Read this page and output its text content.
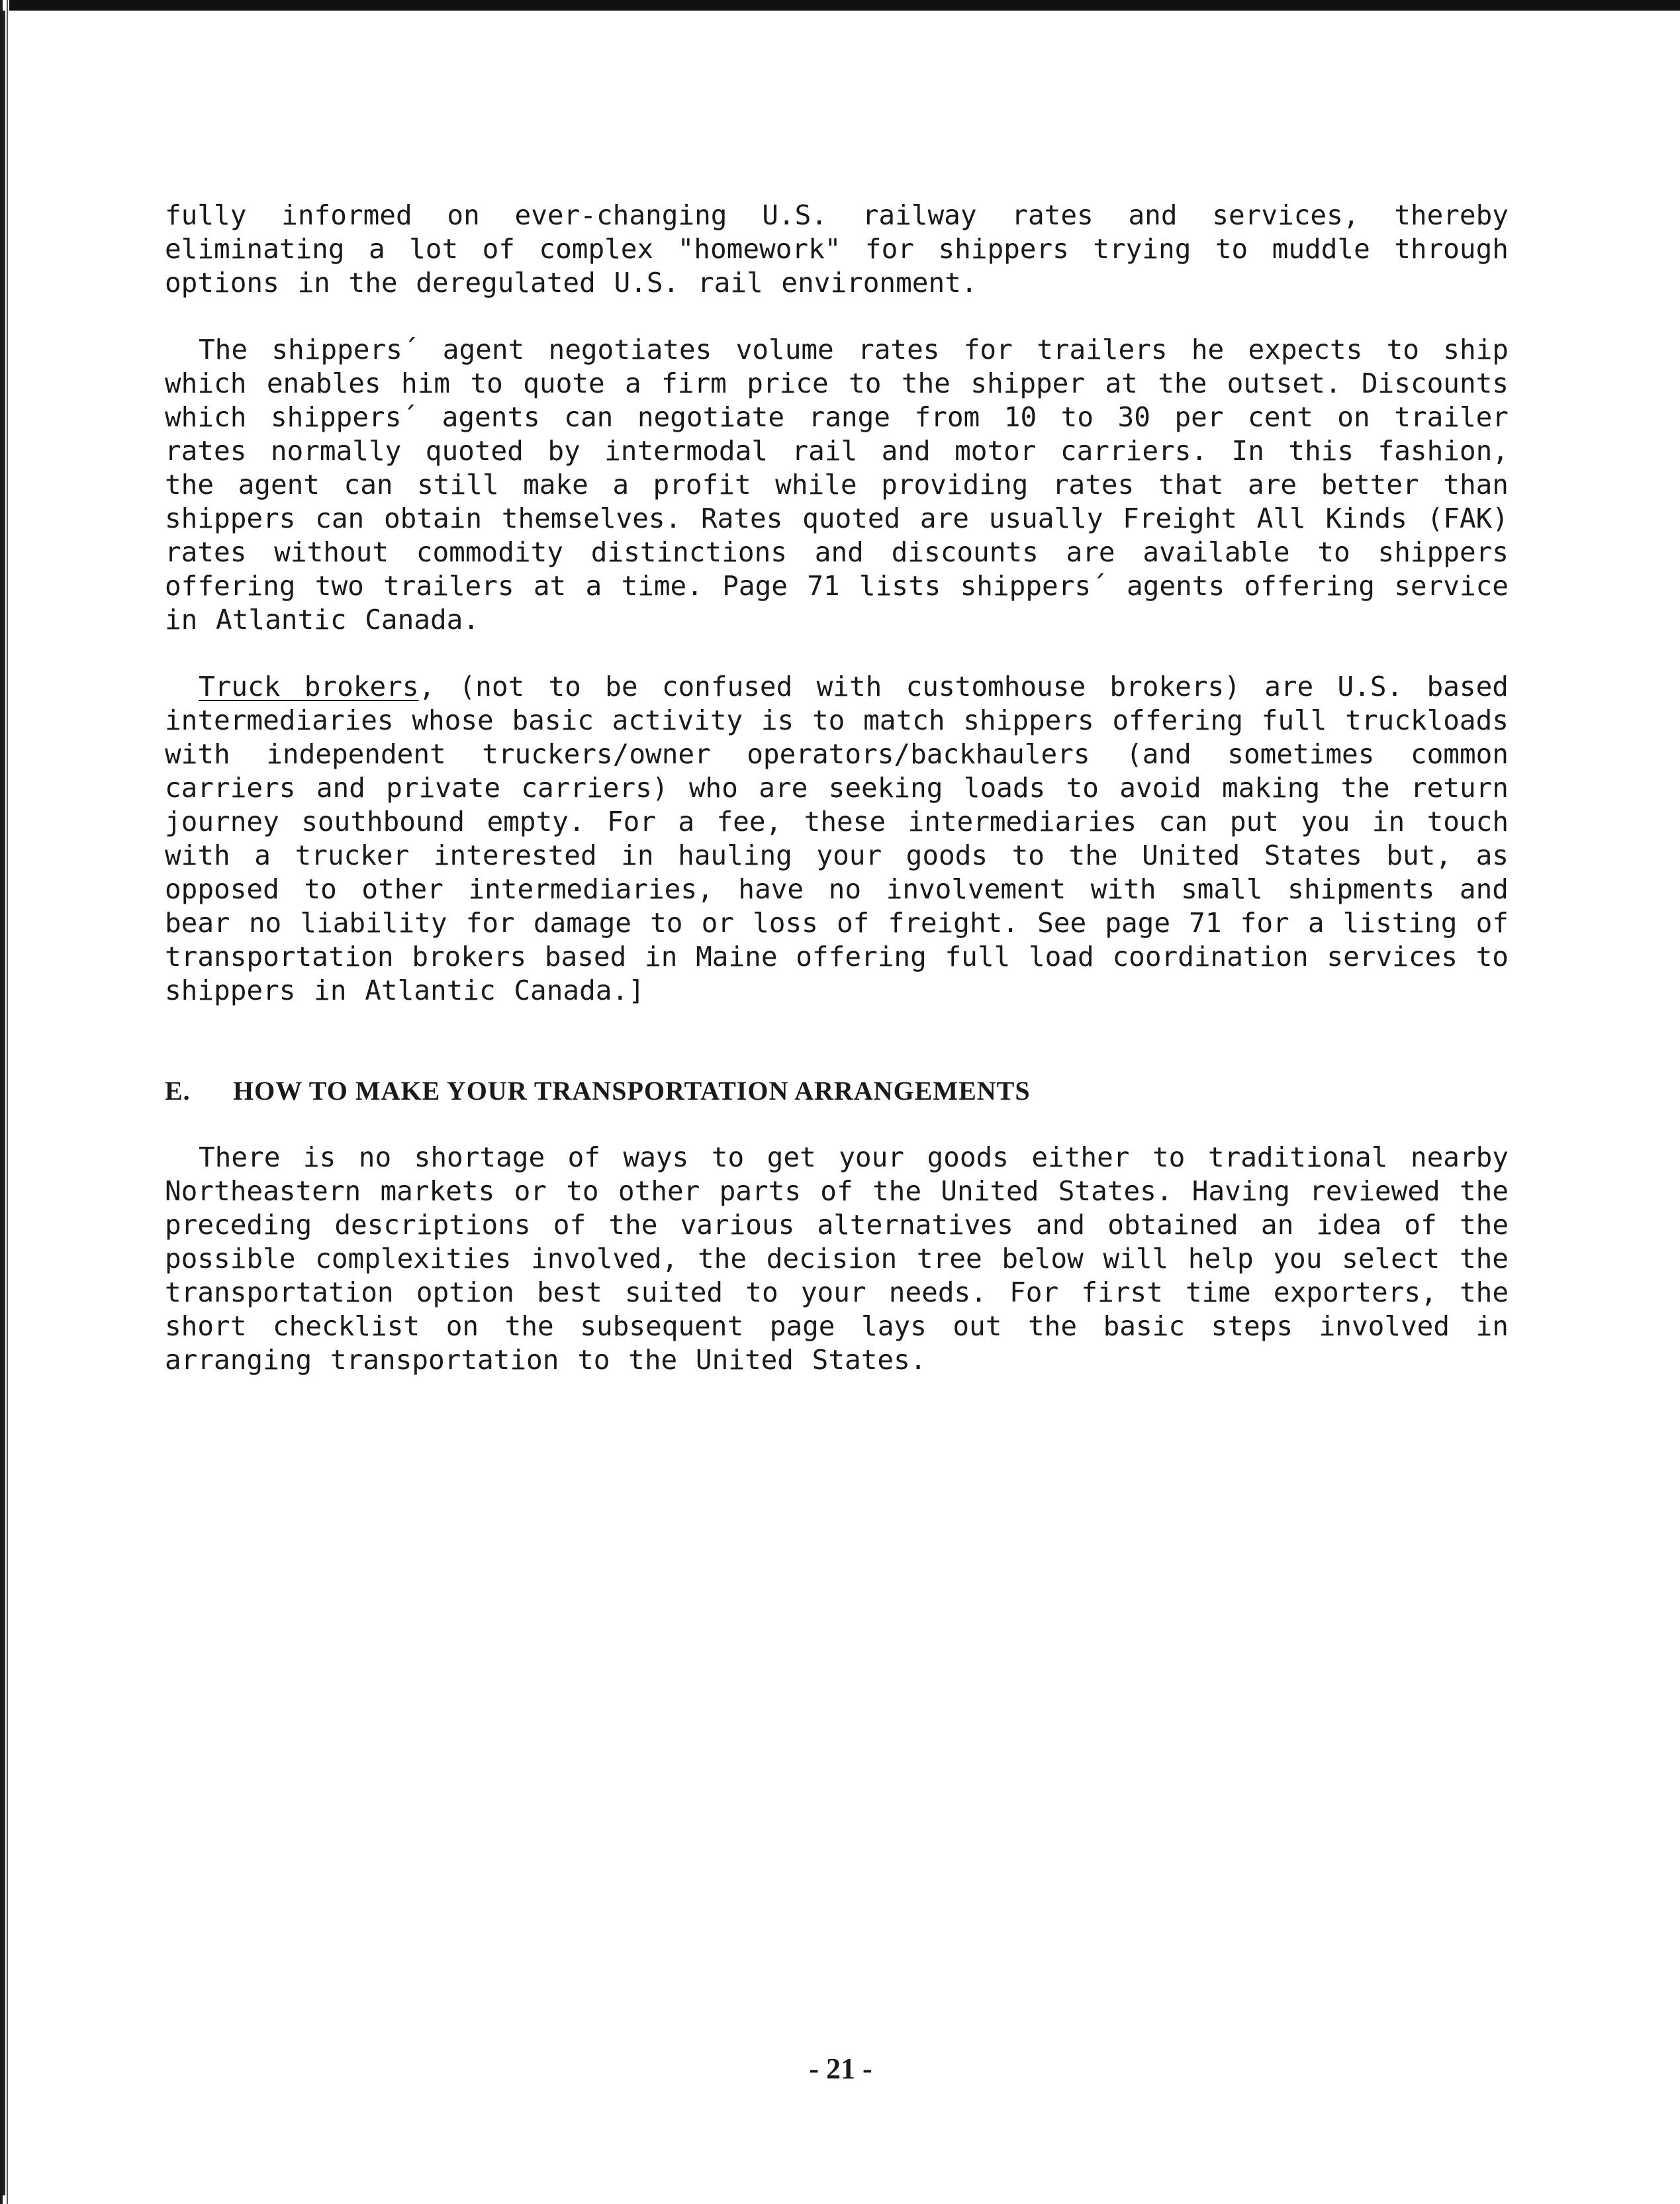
fully informed on ever-changing U.S. railway rates and services, thereby eliminating a lot of complex "homework" for shippers trying to muddle through options in the deregulated U.S. rail environment.

The shippers´ agent negotiates volume rates for trailers he expects to ship which enables him to quote a firm price to the shipper at the outset. Discounts which shippers´ agents can negotiate range from 10 to 30 per cent on trailer rates normally quoted by intermodal rail and motor carriers. In this fashion, the agent can still make a profit while providing rates that are better than shippers can obtain themselves. Rates quoted are usually Freight All Kinds (FAK) rates without commodity distinctions and discounts are available to shippers offering two trailers at a time. Page 71 lists shippers´ agents offering service in Atlantic Canada.

Truck brokers, (not to be confused with customhouse brokers) are U.S. based intermediaries whose basic activity is to match shippers offering full truckloads with independent truckers/owner operators/backhaulers (and sometimes common carriers and private carriers) who are seeking loads to avoid making the return journey southbound empty. For a fee, these intermediaries can put you in touch with a trucker interested in hauling your goods to the United States but, as opposed to other intermediaries, have no involvement with small shipments and bear no liability for damage to or loss of freight. See page 71 for a listing of transportation brokers based in Maine offering full load coordination services to shippers in Atlantic Canada.]

E. HOW TO MAKE YOUR TRANSPORTATION ARRANGEMENTS

There is no shortage of ways to get your goods either to traditional nearby Northeastern markets or to other parts of the United States. Having reviewed the preceding descriptions of the various alternatives and obtained an idea of the possible complexities involved, the decision tree below will help you select the transportation option best suited to your needs. For first time exporters, the short checklist on the subsequent page lays out the basic steps involved in arranging transportation to the United States.

- 21 -
